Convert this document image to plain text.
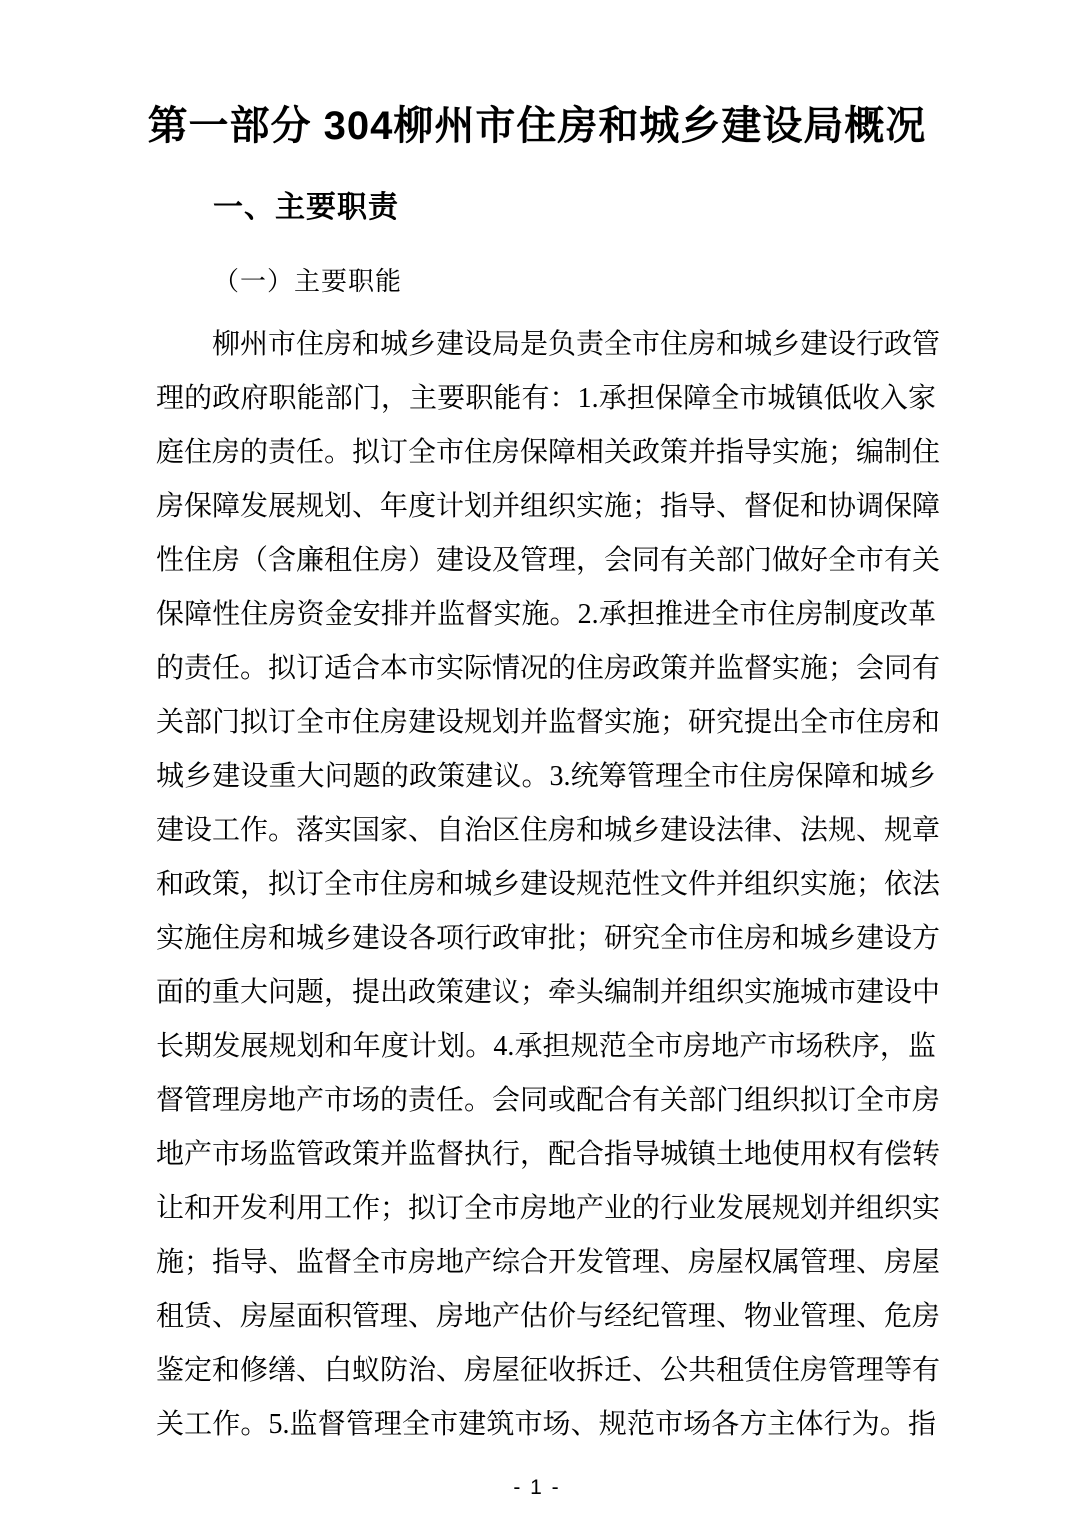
第一部分 304柳州市住房和城乡建设局概况
一、主要职责
（一）主要职能
柳州市住房和城乡建设局是负责全市住房和城乡建设行政管
理的政府职能部门，主要职能有：1.承担保障全市城镇低收入家
庭住房的责任。拟订全市住房保障相关政策并指导实施；编制住
房保障发展规划、年度计划并组织实施；指导、督促和协调保障
性住房（含廉租住房）建设及管理，会同有关部门做好全市有关
保障性住房资金安排并监督实施。2.承担推进全市住房制度改革
的责任。拟订适合本市实际情况的住房政策并监督实施；会同有
关部门拟订全市住房建设规划并监督实施；研究提出全市住房和
城乡建设重大问题的政策建议。3.统筹管理全市住房保障和城乡
建设工作。落实国家、自治区住房和城乡建设法律、法规、规章
和政策，拟订全市住房和城乡建设规范性文件并组织实施；依法
实施住房和城乡建设各项行政审批；研究全市住房和城乡建设方
面的重大问题，提出政策建议；牵头编制并组织实施城市建设中
长期发展规划和年度计划。4.承担规范全市房地产市场秩序，监
督管理房地产市场的责任。会同或配合有关部门组织拟订全市房
地产市场监管政策并监督执行，配合指导城镇土地使用权有偿转
让和开发利用工作；拟订全市房地产业的行业发展规划并组织实
施；指导、监督全市房地产综合开发管理、房屋权属管理、房屋
租赁、房屋面积管理、房地产估价与经纪管理、物业管理、危房
鉴定和修缮、白蚁防治、房屋征收拆迁、公共租赁住房管理等有
关工作。5.监督管理全市建筑市场、规范市场各方主体行为。指
- 1 -
